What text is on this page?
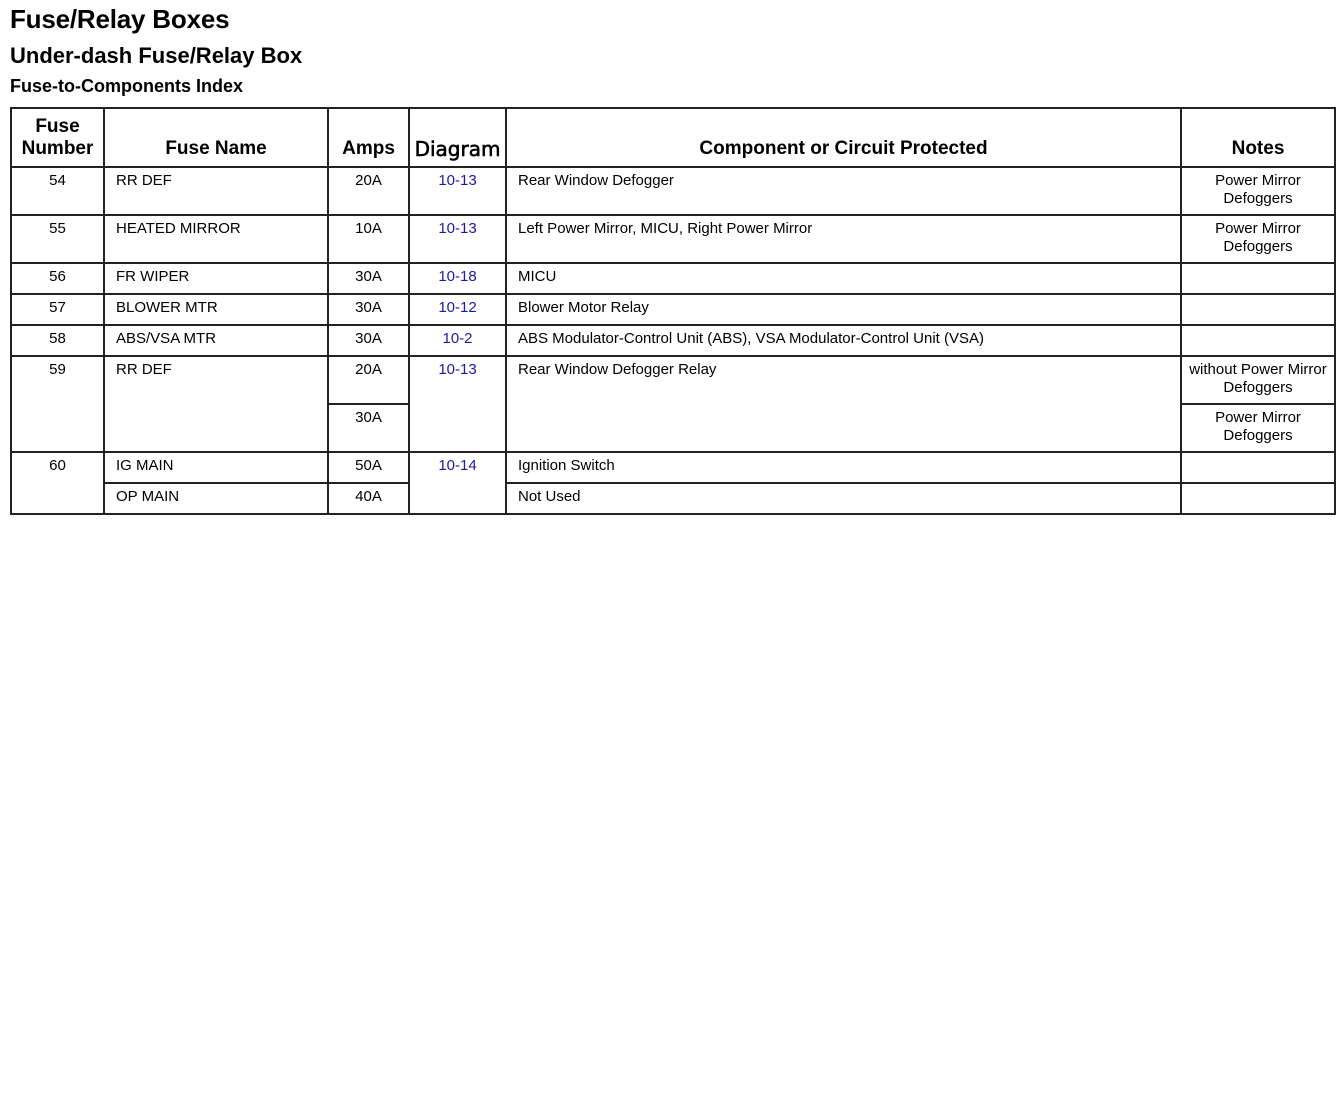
Fuse/Relay Boxes
Under-dash Fuse/Relay Box
Fuse-to-Components Index
Fuse Number	Fuse Name	Amps	Diagram	Component or Circuit Protected	Notes
54	RR DEF	20A	10-13	Rear Window Defogger	Power Mirror Defoggers
55	HEATED MIRROR	10A	10-13	Left Power Mirror, MICU, Right Power Mirror	Power Mirror Defoggers
56	FR WIPER	30A	10-18	MICU	
57	BLOWER MTR	30A	10-12	Blower Motor Relay	
58	ABS/VSA MTR	30A	10-2	ABS Modulator-Control Unit (ABS), VSA Modulator-Control Unit (VSA)	
59	RR DEF	20A	10-13	Rear Window Defogger Relay	without Power Mirror Defoggers
		30A			Power Mirror Defoggers
60	IG MAIN	50A	10-14	Ignition Switch	
	OP MAIN	40A		Not Used	
